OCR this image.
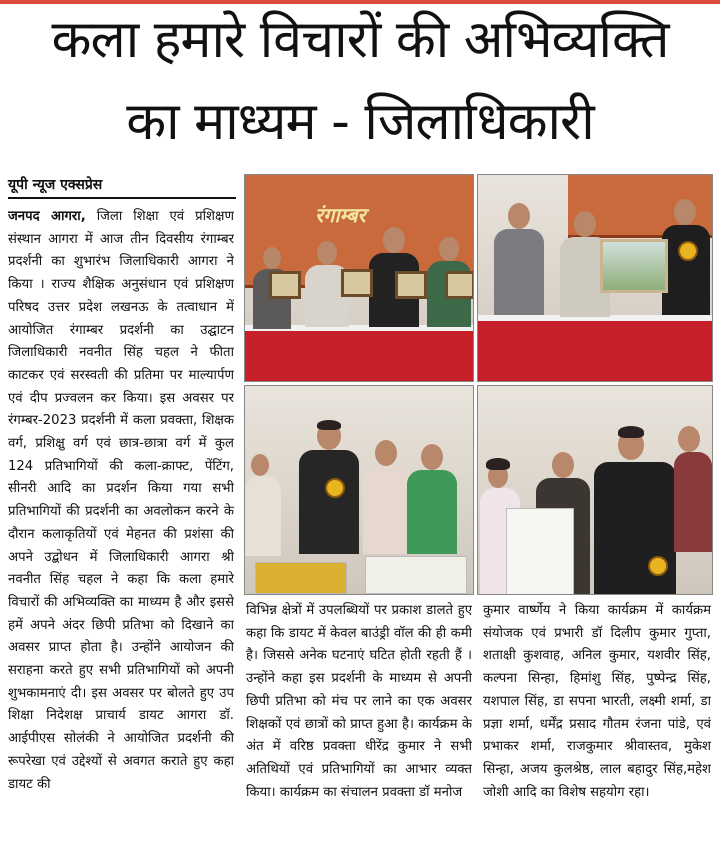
कला हमारे विचारों की अभिव्यक्ति
का माध्यम - जिलाधिकारी
यूपी न्यूज एक्सप्रेस

जनपद आगरा, जिला शिक्षा एवं प्रशिक्षण संस्थान आगरा में आज तीन दिवसीय रंगाम्बर प्रदर्शनी का शुभारंभ जिलाधिकारी आगरा ने किया । राज्य शैक्षिक अनुसंधान एवं प्रशिक्षण परिषद उत्तर प्रदेश लखनऊ के तत्वाधान में आयोजित रंगाम्बर प्रदर्शनी का उद्घाटन जिलाधिकारी नवनीत सिंह चहल ने फीता काटकर एवं सरस्वती की प्रतिमा पर माल्यार्पण एवं दीप प्रज्वलन कर किया। इस अवसर पर रंगम्बर-2023 प्रदर्शनी में कला प्रवक्ता, शिक्षक वर्ग, प्रशिक्षु वर्ग एवं छात्र-छात्रा वर्ग में कुल 124 प्रतिभागियों की कला-क्राफ्ट, पेंटिंग, सीनरी आदि का प्रदर्शन किया गया सभी प्रतिभागियों की प्रदर्शनी का अवलोकन करने के दौरान कलाकृतियों एवं मेहनत की प्रशंसा की अपने उद्बोधन में जिलाधिकारी आगरा श्री नवनीत सिंह चहल ने कहा कि कला हमारे विचारों की अभिव्यक्ति का माध्यम है और इससे हमें अपने अंदर छिपी प्रतिभा को दिखाने का अवसर प्राप्त होता है। उन्होंने आयोजन की सराहना करते हुए सभी प्रतिभागियों को अपनी शुभकामनाएं दी। इस अवसर पर बोलते हुए उप शिक्षा निदेशक्ष प्राचार्य डायट आगरा डॉ. आईपीएस सोलंकी ने आयोजित प्रदर्शनी की रूपरेखा एवं उद्देश्यों से अवगत कराते हुए कहा डायट की

रंगाम्बर

विभिन्न क्षेत्रों में उपलब्धियों पर प्रकाश डालते हुए कहा कि डायट में केवल बाउंड्री वॉल की ही कमी है। जिससे अनेक घटनाएं घटित होती रहती हैं । उन्होंने कहा इस प्रदर्शनी के माध्यम से अपनी छिपी प्रतिभा को मंच पर लाने का एक अवसर शिक्षकों एवं छात्रों को प्राप्त हुआ है। कार्यक्रम के अंत में वरिष्ठ प्रवक्ता धीरेंद्र कुमार ने सभी अतिथियों एवं प्रतिभागियों का आभार व्यक्त किया। कार्यक्रम का संचालन प्रवक्ता डॉ मनोज

कुमार वार्ष्णेय ने किया कार्यक्रम में कार्यक्रम संयोजक एवं प्रभारी डॉ दिलीप कुमार गुप्ता, शताक्षी कुशवाह, अनिल कुमार, यशवीर सिंह, कल्पना सिन्हा, हिमांशु सिंह, पुष्पेन्द्र सिंह, यशपाल सिंह, डा सपना भारती, लक्ष्मी शर्मा, डा प्रज्ञा शर्मा, धर्मेंद्र प्रसाद गौतम रंजना पांडे, एवं प्रभाकर शर्मा, राजकुमार श्रीवास्तव, मुकेश सिन्हा, अजय कुलश्रेष्ठ, लाल बहादुर सिंह,महेश जोशी आदि का विशेष सहयोग रहा।
